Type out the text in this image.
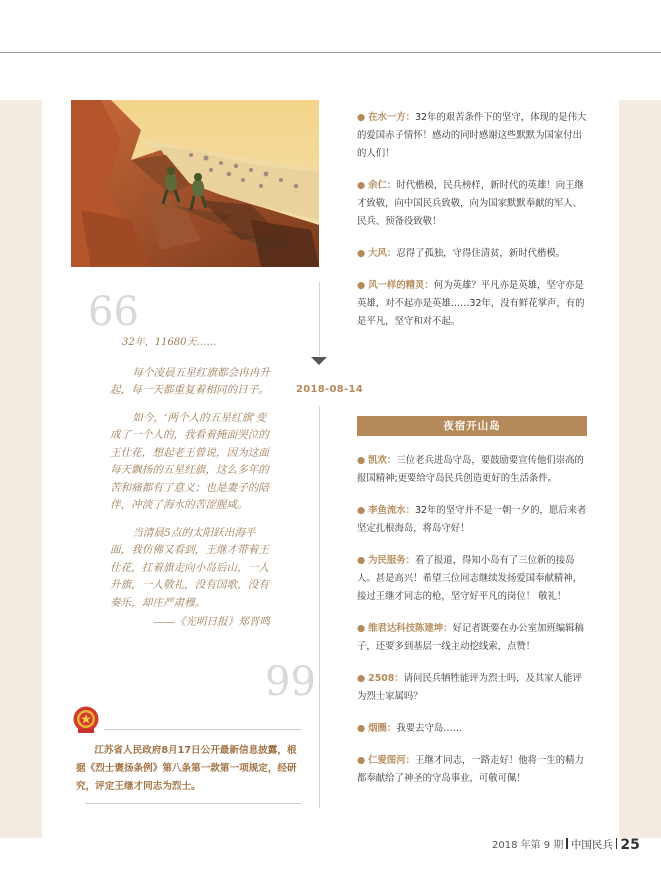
66

32年，11680天……

每个凌晨五星红旗都会冉冉升起，每一天都重复着相同的日子。

如今，‘两个人的五星红旗’变成了一个人的，我看着掩面哭泣的王仕花，想起老王曾说，因为这面每天飘扬的五星红旗，这么多年的苦和痛都有了意义；也是妻子的陪伴，冲淡了海水的苦涩腥咸。

当清晨5点的太阳跃出海平面，我仿佛又看到，王继才带着王仕花，扛着旗走向小岛后山，一人升旗，一人敬礼，没有国歌，没有奏乐，却庄严肃穆。

——《光明日报》郑晋鸣
99
2018-08-14
江苏省人民政府8月17日公开最新信息披露，根据《烈士褒扬条例》第八条第一款第一项规定，经研究，评定王继才同志为烈士。
● 在水一方：32年的艰苦条件下的坚守，体现的是伟大的爱国赤子情怀！感动的同时感谢这些默默为国家付出的人们！
● 余仁：时代楷模，民兵榜样，新时代的英雄！向王继才致敬，向中国民兵致敬，向为国家默默奉献的军人、民兵、预备役致敬！
● 大风：忍得了孤独，守得住清贫，新时代楷模。
● 风一样的精灵：何为英雄？平凡亦是英雄，坚守亦是英雄，对不起亦是英雄……32年，没有鲜花掌声，有的是平凡，坚守和对不起。
夜宿开山岛
● 凯欢：三位老兵进岛守岛，要鼓励要宣传他们崇高的报国精神;更要给守岛民兵创造更好的生活条件。
● 李鱼流水：32年的坚守并不是一朝一夕的，愿后来者坚定扎根海岛，将岛守好！
● 为民服务：看了报道，得知小岛有了三位新的接岛人。甚是高兴！希望三位同志继续发扬爱国奉献精神，接过王继才同志的枪，坚守好平凡的岗位！ 敬礼！
● 维君达科技陈建坤：好记者既要在办公室加班编辑稿子，还要多到基层一线主动挖线索，点赞！
● 2508：请问民兵牺牲能评为烈士吗，及其家人能评为烈士家属吗？
● 烟圈：我要去守岛……
● 仁爱图河：王继才同志，一路走好！他将一生的精力都奉献给了神圣的守岛事业，可敬可佩！
2018 年第 9 期 中国民兵 25
